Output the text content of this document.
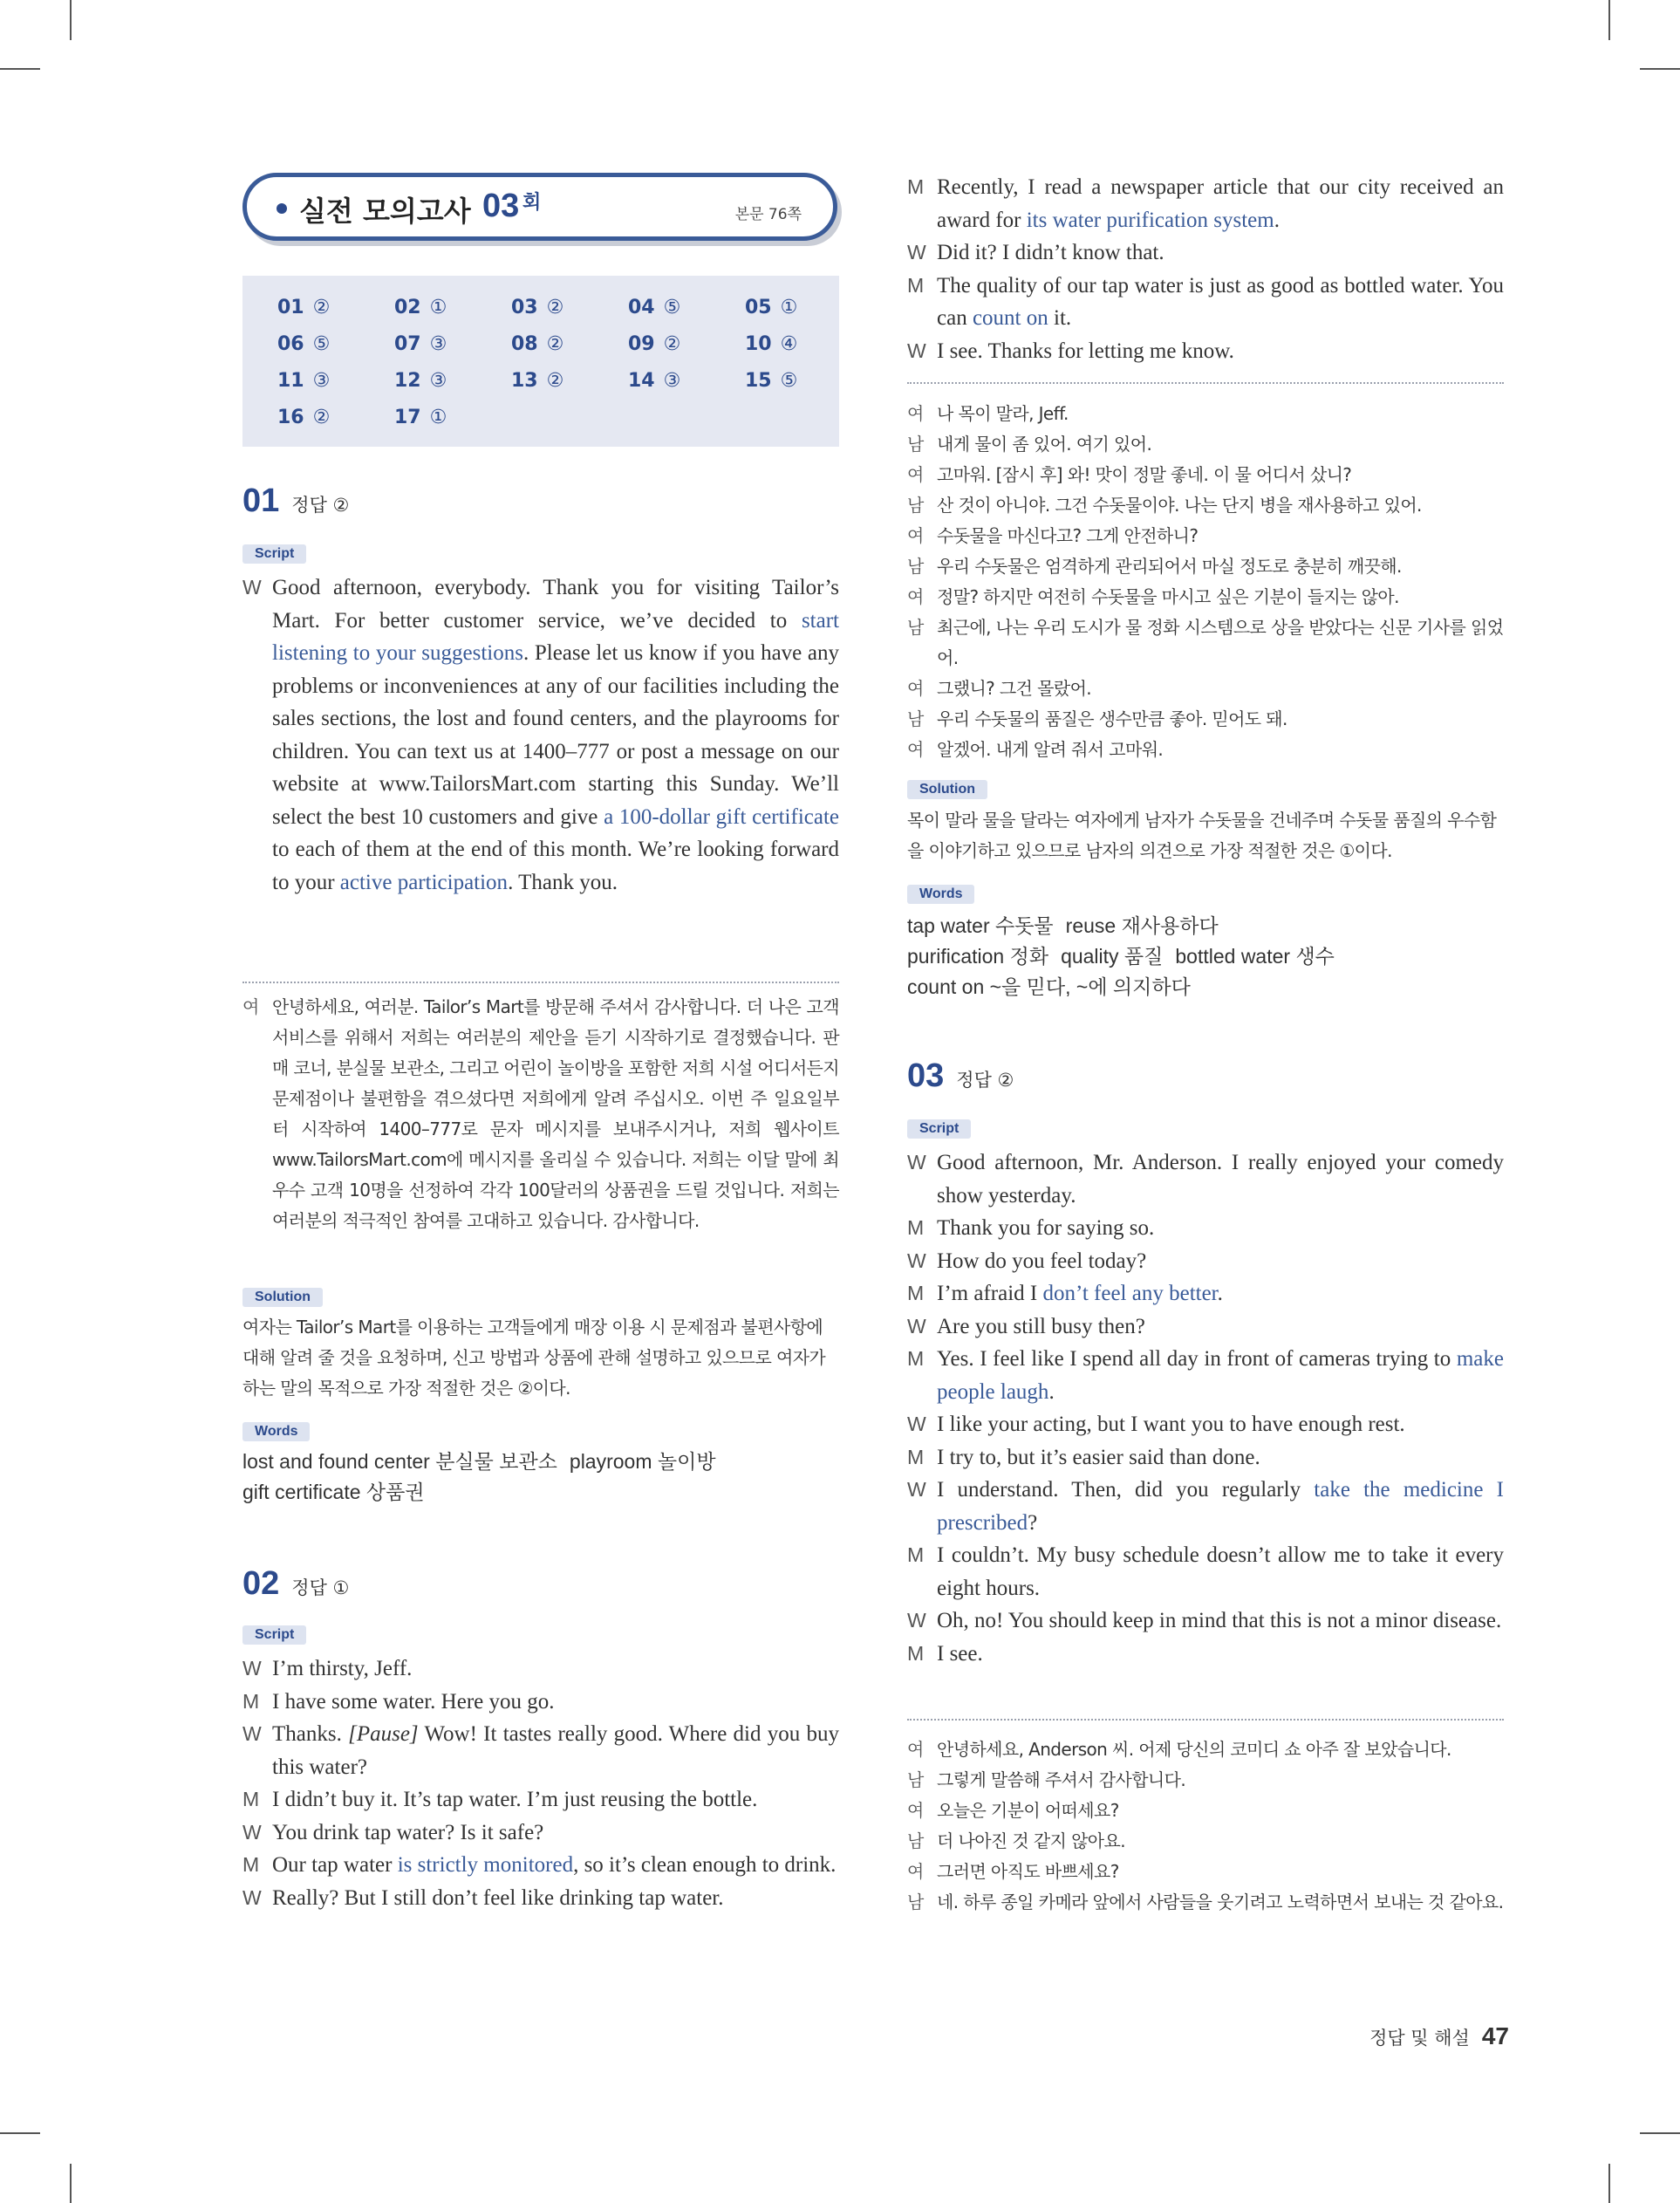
실전 모의고사 03 회
본문 76쪽
01 ②	02 ①	03 ②	04 ⑤	05 ①
06 ⑤	07 ③	08 ②	09 ②	10 ④
11 ③	12 ③	13 ②	14 ③	15 ⑤
16 ②	17 ①
01 정답 ②
Script
W Good afternoon, everybody. Thank you for visiting Tailor’s Mart. For better customer service, we’ve decided to start listening to your suggestions. Please let us know if you have any problems or inconveniences at any of our facilities including the sales sections, the lost and found centers, and the playrooms for children. You can text us at 1400–777 or post a message on our website at www.TailorsMart.com starting this Sunday. We’ll select the best 10 customers and give a 100-dollar gift certificate to each of them at the end of this month. We’re looking forward to your active participation. Thank you.
여 안녕하세요, 여러분. Tailor’s Mart를 방문해 주셔서 감사합니다. 더 나은 고객 서비스를 위해서 저희는 여러분의 제안을 듣기 시작하기로 결정했습니다. 판매 코너, 분실물 보관소, 그리고 어린이 놀이방을 포함한 저희 시설 어디서든지 문제점이나 불편함을 겪으셨다면 저희에게 알려 주십시오. 이번 주 일요일부터 시작하여 1400–777로 문자 메시지를 보내주시거나, 저희 웹사이트 www.TailorsMart.com에 메시지를 올리실 수 있습니다. 저희는 이달 말에 최우수 고객 10명을 선정하여 각각 100달러의 상품권을 드릴 것입니다. 저희는 여러분의 적극적인 참여를 고대하고 있습니다. 감사합니다.
Solution
여자는 Tailor’s Mart를 이용하는 고객들에게 매장 이용 시 문제점과 불편사항에 대해 알려 줄 것을 요청하며, 신고 방법과 상품에 관해 설명하고 있으므로 여자가 하는 말의 목적으로 가장 적절한 것은 ②이다.
Words
lost and found center 분실물 보관소 playroom 놀이방
gift certificate 상품권
02 정답 ①
Script
W I’m thirsty, Jeff.
M I have some water. Here you go.
W Thanks. [Pause] Wow! It tastes really good. Where did you buy this water?
M I didn’t buy it. It’s tap water. I’m just reusing the bottle.
W You drink tap water? Is it safe?
M Our tap water is strictly monitored, so it’s clean enough to drink.
W Really? But I still don’t feel like drinking tap water.
M Recently, I read a newspaper article that our city received an award for its water purification system.
W Did it? I didn’t know that.
M The quality of our tap water is just as good as bottled water. You can count on it.
W I see. Thanks for letting me know.
여 나 목이 말라, Jeff.
남 내게 물이 좀 있어. 여기 있어.
여 고마워. [잠시 후] 와! 맛이 정말 좋네. 이 물 어디서 샀니?
남 산 것이 아니야. 그건 수돗물이야. 나는 단지 병을 재사용하고 있어.
여 수돗물을 마신다고? 그게 안전하니?
남 우리 수돗물은 엄격하게 관리되어서 마실 정도로 충분히 깨끗해.
여 정말? 하지만 여전히 수돗물을 마시고 싶은 기분이 들지는 않아.
남 최근에, 나는 우리 도시가 물 정화 시스템으로 상을 받았다는 신문 기사를 읽었어.
여 그랬니? 그건 몰랐어.
남 우리 수돗물의 품질은 생수만큼 좋아. 믿어도 돼.
여 알겠어. 내게 알려 줘서 고마워.
Solution
목이 말라 물을 달라는 여자에게 남자가 수돗물을 건네주며 수돗물 품질의 우수함을 이야기하고 있으므로 남자의 의견으로 가장 적절한 것은 ①이다.
Words
tap water 수돗물 reuse 재사용하다
purification 정화 quality 품질 bottled water 생수
count on ~을 믿다, ~에 의지하다
03 정답 ②
Script
W Good afternoon, Mr. Anderson. I really enjoyed your comedy show yesterday.
M Thank you for saying so.
W How do you feel today?
M I’m afraid I don’t feel any better.
W Are you still busy then?
M Yes. I feel like I spend all day in front of cameras trying to make people laugh.
W I like your acting, but I want you to have enough rest.
M I try to, but it’s easier said than done.
W I understand. Then, did you regularly take the medicine I prescribed?
M I couldn’t. My busy schedule doesn’t allow me to take it every eight hours.
W Oh, no! You should keep in mind that this is not a minor disease.
M I see.
여 안녕하세요, Anderson 씨. 어제 당신의 코미디 쇼 아주 잘 보았습니다.
남 그렇게 말씀해 주셔서 감사합니다.
여 오늘은 기분이 어떠세요?
남 더 나아진 것 같지 않아요.
여 그러면 아직도 바쁘세요?
남 네. 하루 종일 카메라 앞에서 사람들을 웃기려고 노력하면서 보내는 것 같아요.
정답 및 해설 47
